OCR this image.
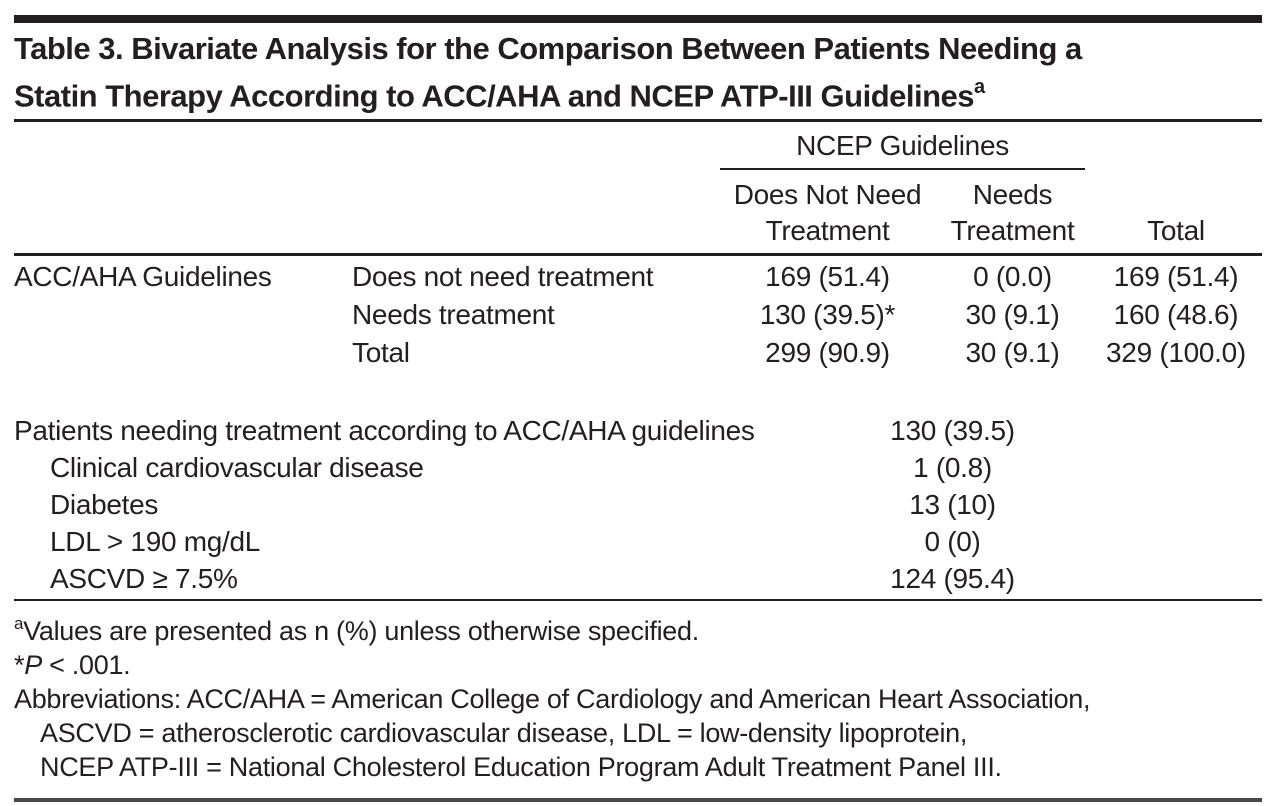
Table 3. Bivariate Analysis for the Comparison Between Patients Needing a
Statin Therapy According to ACC/AHA and NCEP ATP-III Guidelines$^a$
NCEP Guidelines
Does Not Need Treatment
Needs Treatment	Total
ACC/AHA Guidelines	Does not need treatment	169 (51.4)	0 (0.0)	169 (51.4)
Needs treatment	130 (39.5)*	30 (9.1)	160 (48.6)
Total	299 (90.9)	30 (9.1)	329 (100.0)
Patients needing treatment according to ACC/AHA guidelines	130 (39.5)
Clinical cardiovascular disease	1 (0.8)
Diabetes	13 (10)
LDL > 190 mg/dL	0 (0)
ASCVD ≥ 7.5%	124 (95.4)
$^a$Values are presented as n (%) unless otherwise specified.
*P < .001.
Abbreviations: ACC/AHA = American College of Cardiology and American Heart Association,
ASCVD = atherosclerotic cardiovascular disease, LDL = low-density lipoprotein,
NCEP ATP-III = National Cholesterol Education Program Adult Treatment Panel III.
